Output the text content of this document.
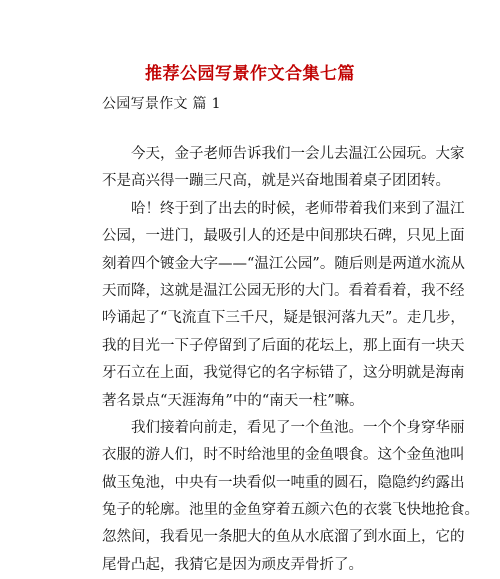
推荐公园写景作文合集七篇
公园写景作文 篇 1
今天，金子老师告诉我们一会儿去温江公园玩。大家
不是高兴得一蹦三尺高，就是兴奋地围着桌子团团转。
哈！终于到了出去的时候，老师带着我们来到了温江
公园，一进门，最吸引人的还是中间那块石碑，只见上面
刻着四个镀金大字——“温江公园”。随后则是两道水流从
天而降，这就是温江公园无形的大门。看着看着，我不经
吟诵起了“飞流直下三千尺，疑是银河落九天”。走几步，
我的目光一下子停留到了后面的花坛上，那上面有一块天
牙石立在上面，我觉得它的名字标错了，这分明就是海南
著名景点“天涯海角”中的“南天一柱”嘛。
我们接着向前走，看见了一个鱼池。一个个身穿华丽
衣服的游人们，时不时给池里的金鱼喂食。这个金鱼池叫
做玉兔池，中央有一块看似一吨重的圆石，隐隐约约露出
兔子的轮廓。池里的金鱼穿着五颜六色的衣裳飞快地抢食。
忽然间，我看见一条肥大的鱼从水底溜了到水面上，它的
尾骨凸起，我猜它是因为顽皮弄骨折了。
